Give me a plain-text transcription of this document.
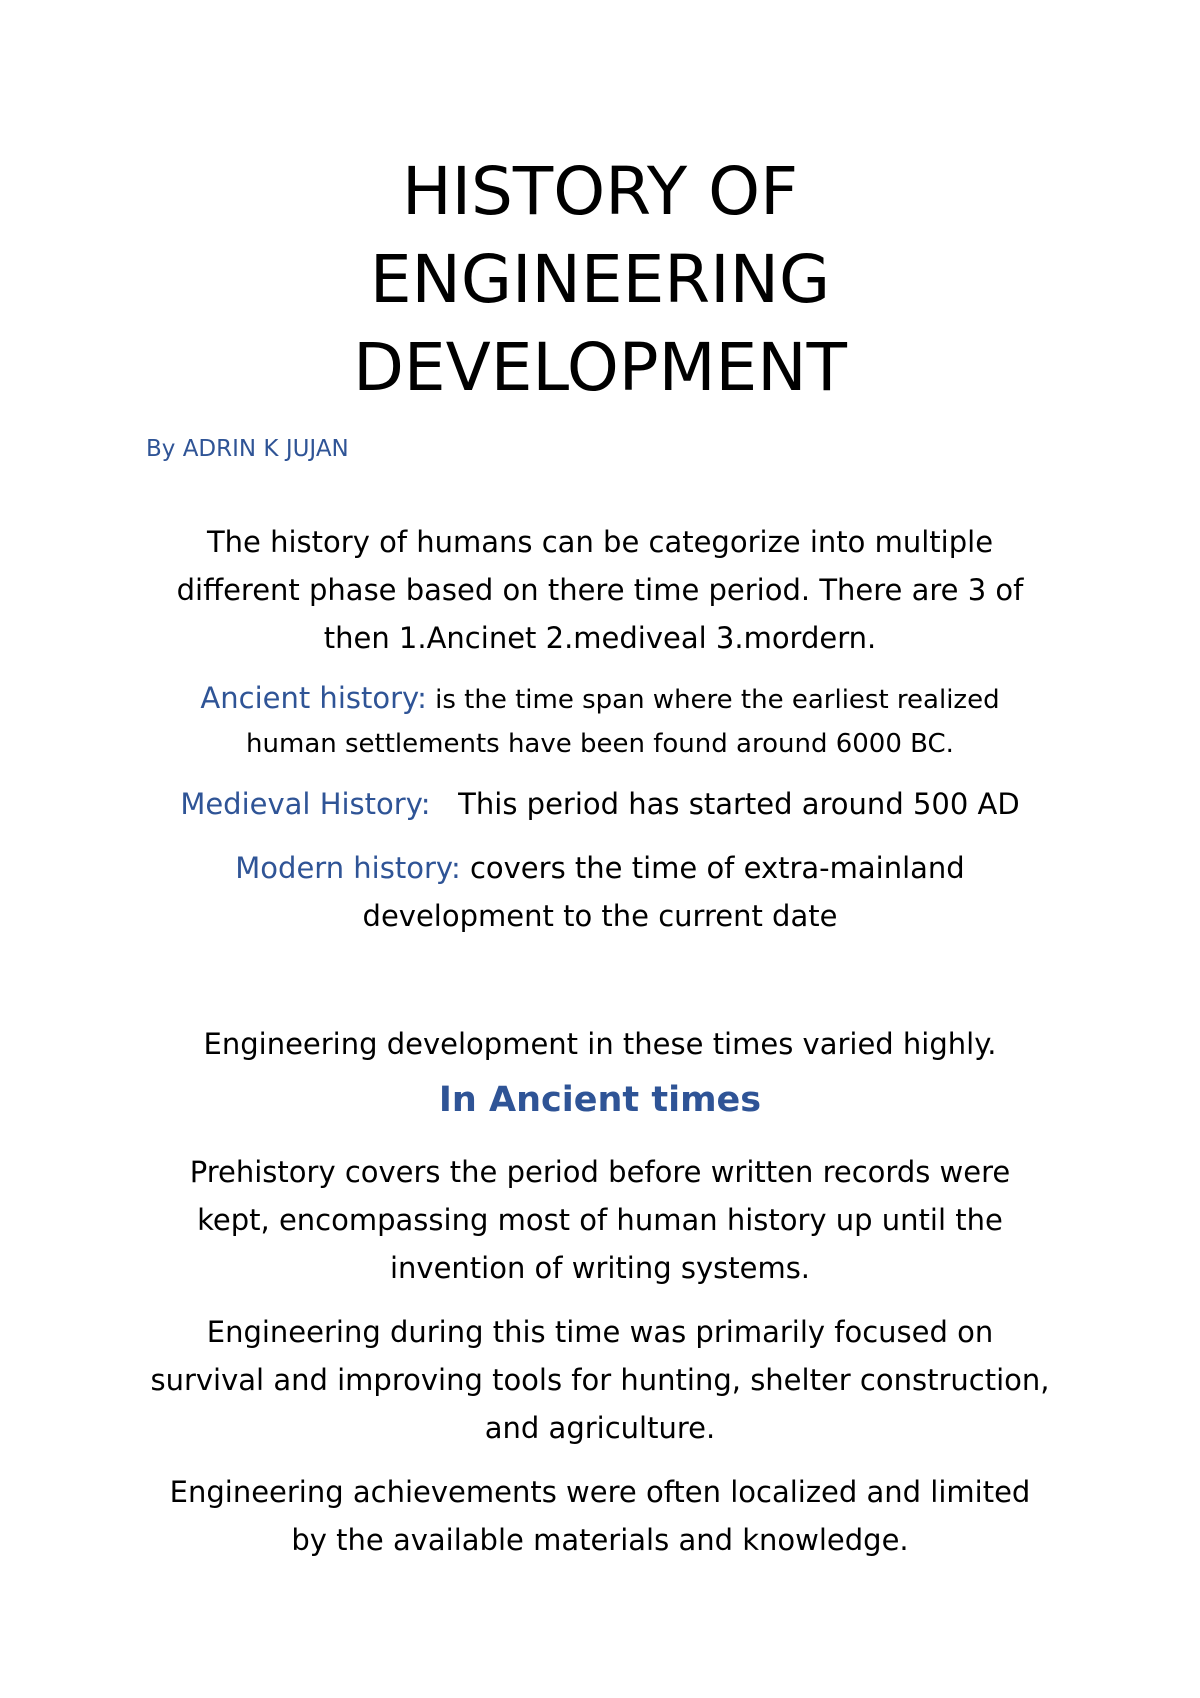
HISTORY OF
ENGINEERING
DEVELOPMENT

By ADRIN K JUJAN

The history of humans can be categorize into multiple
different phase based on there time period. There are 3 of
then 1.Ancinet 2.mediveal 3.mordern.

Ancient history: is the time span where the earliest realized
human settlements have been found around 6000 BC.

Medieval History:   This period has started around 500 AD

Modern history: covers the time of extra-mainland
development to the current date

Engineering development in these times varied highly.

In Ancient times

Prehistory covers the period before written records were
kept, encompassing most of human history up until the
invention of writing systems.

Engineering during this time was primarily focused on
survival and improving tools for hunting, shelter construction,
and agriculture.

Engineering achievements were often localized and limited
by the available materials and knowledge.
